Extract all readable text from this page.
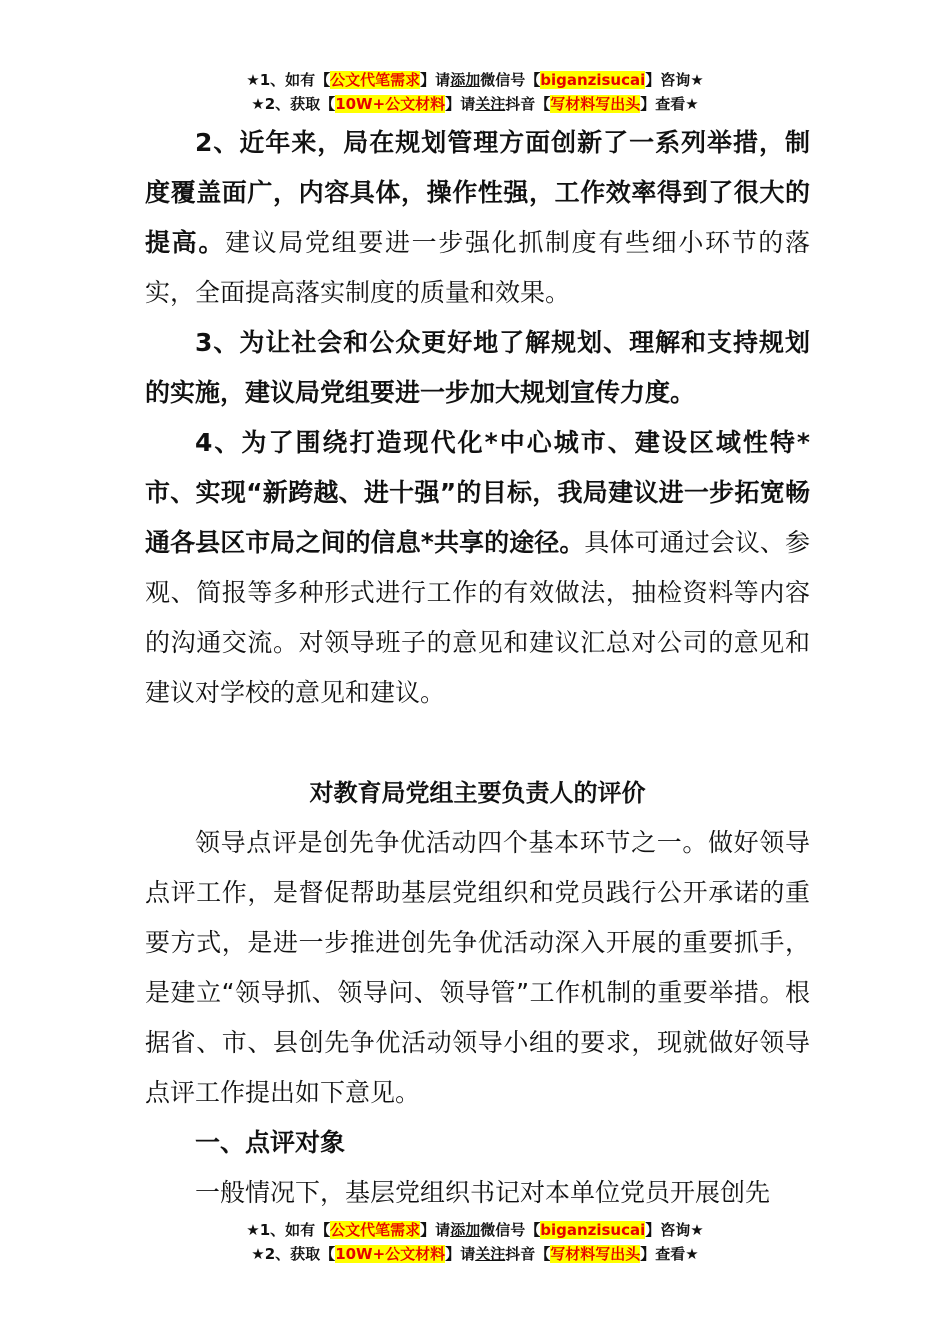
★1、如有【公文代笔需求】请添加微信号【biganzisucai】咨询★
★2、获取【10W+公文材料】请关注抖音【写材料写出头】查看★

2、近年来，局在规划管理方面创新了一系列举措，制度覆盖面广，内容具体，操作性强，工作效率得到了很大的提高。建议局党组要进一步强化抓制度有些细小环节的落实，全面提高落实制度的质量和效果。

3、为让社会和公众更好地了解规划、理解和支持规划的实施，建议局党组要进一步加大规划宣传力度。

4、为了围绕打造现代化*中心城市、建设区域性特*市、实现“新跨越、进十强”的目标，我局建议进一步拓宽畅通各县区市局之间的信息*共享的途径。具体可通过会议、参观、简报等多种形式进行工作的有效做法，抽检资料等内容的沟通交流。对领导班子的意见和建议汇总对公司的意见和建议对学校的意见和建议。

对教育局党组主要负责人的评价

领导点评是创先争优活动四个基本环节之一。做好领导点评工作，是督促帮助基层党组织和党员践行公开承诺的重要方式，是进一步推进创先争优活动深入开展的重要抓手，是建立“领导抓、领导问、领导管”工作机制的重要举措。根据省、市、县创先争优活动领导小组的要求，现就做好领导点评工作提出如下意见。

一、点评对象

一般情况下，基层党组织书记对本单位党员开展创先

★1、如有【公文代笔需求】请添加微信号【biganzisucai】咨询★
★2、获取【10W+公文材料】请关注抖音【写材料写出头】查看★
